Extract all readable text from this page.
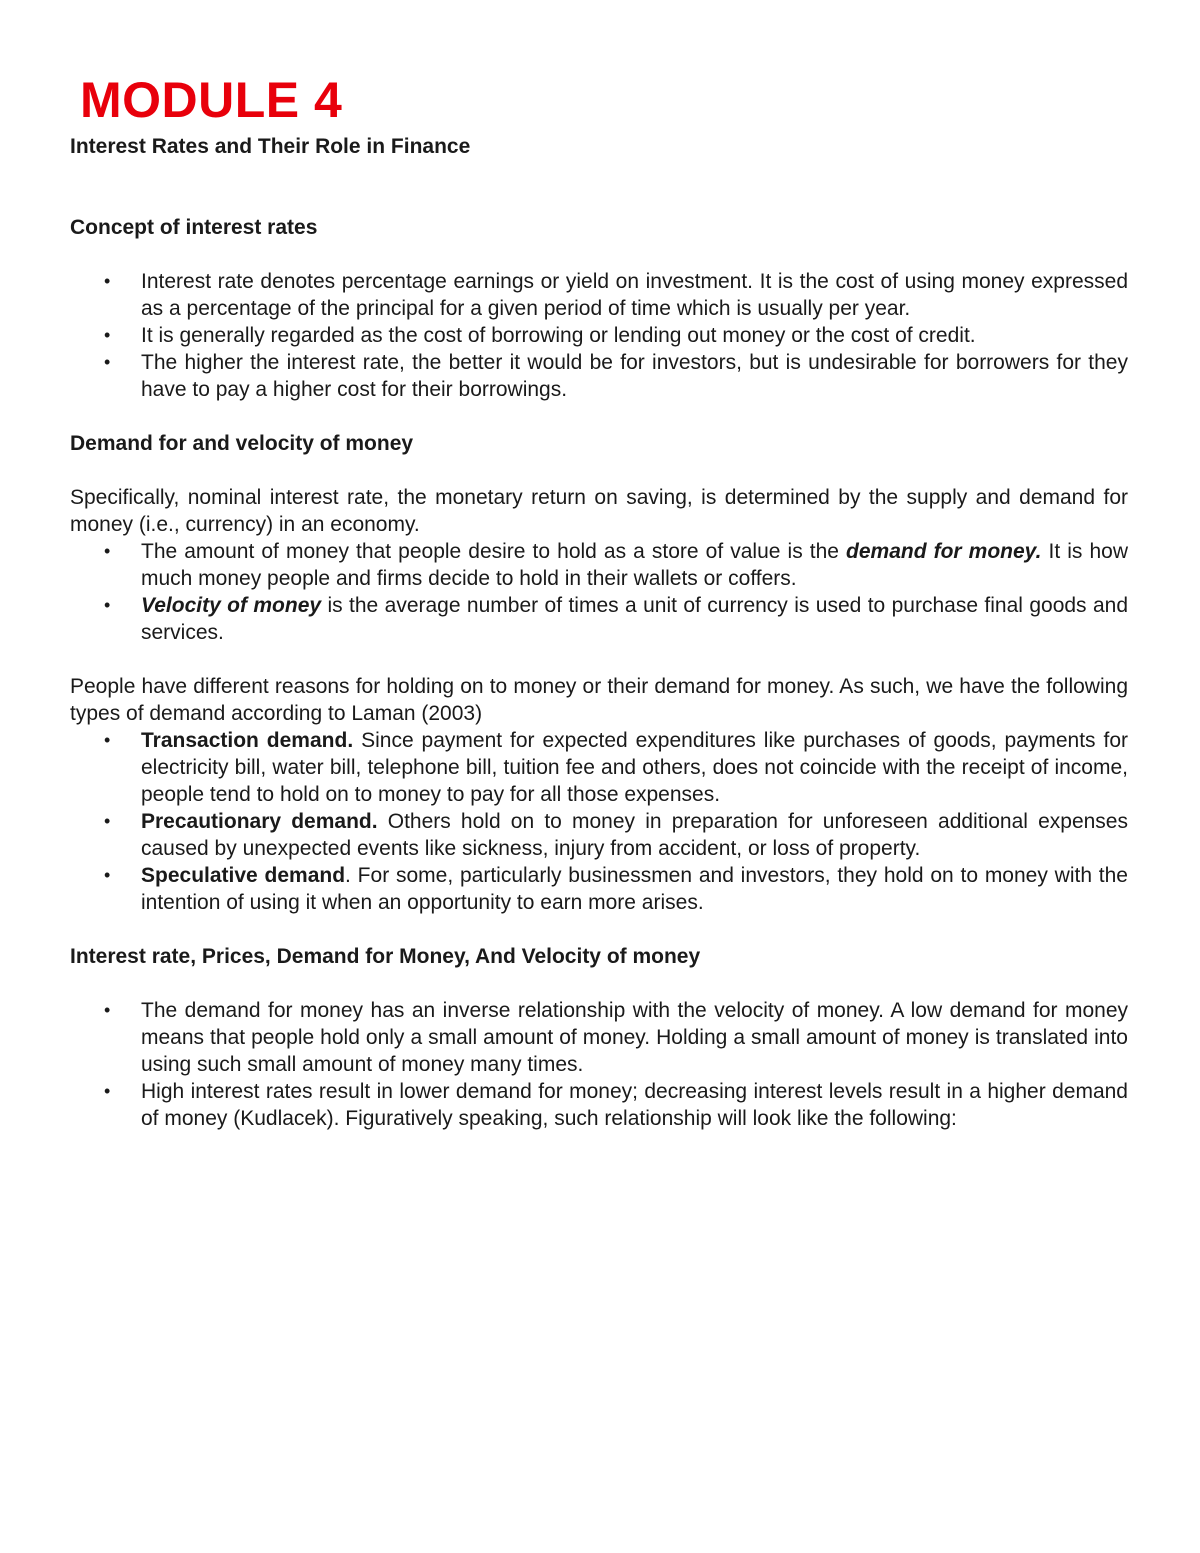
MODULE 4

Interest Rates and Their Role in Finance

Concept of interest rates

• Interest rate denotes percentage earnings or yield on investment. It is the cost of using money expressed as a percentage of the principal for a given period of time which is usually per year.
• It is generally regarded as the cost of borrowing or lending out money or the cost of credit.
• The higher the interest rate, the better it would be for investors, but is undesirable for borrowers for they have to pay a higher cost for their borrowings.

Demand for and velocity of money

Specifically, nominal interest rate, the monetary return on saving, is determined by the supply and demand for money (i.e., currency) in an economy.

• The amount of money that people desire to hold as a store of value is the demand for money. It is how much money people and firms decide to hold in their wallets or coffers.
• Velocity of money is the average number of times a unit of currency is used to purchase final goods and services.

People have different reasons for holding on to money or their demand for money. As such, we have the following types of demand according to Laman (2003)

• Transaction demand. Since payment for expected expenditures like purchases of goods, payments for electricity bill, water bill, telephone bill, tuition fee and others, does not coincide with the receipt of income, people tend to hold on to money to pay for all those expenses.
• Precautionary demand. Others hold on to money in preparation for unforeseen additional expenses caused by unexpected events like sickness, injury from accident, or loss of property.
• Speculative demand. For some, particularly businessmen and investors, they hold on to money with the intention of using it when an opportunity to earn more arises.

Interest rate, Prices, Demand for Money, And Velocity of money

• The demand for money has an inverse relationship with the velocity of money. A low demand for money means that people hold only a small amount of money. Holding a small amount of money is translated into using such small amount of money many times.
• High interest rates result in lower demand for money; decreasing interest levels result in a higher demand of money (Kudlacek). Figuratively speaking, such relationship will look like the following:
